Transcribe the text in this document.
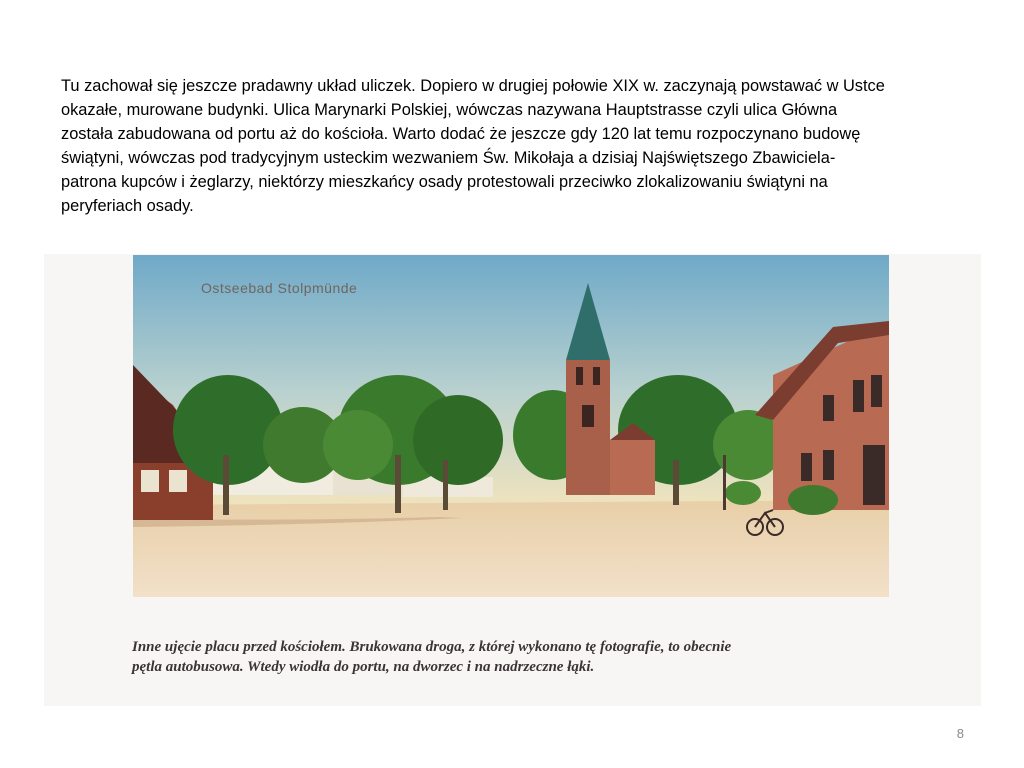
Tu zachował się jeszcze pradawny układ uliczek. Dopiero w drugiej połowie XIX w. zaczynają powstawać w Ustce
okazałe, murowane budynki. Ulica Marynarki Polskiej, wówczas nazywana Hauptstrasse czyli ulica Główna
została zabudowana od portu aż do kościoła. Warto dodać że jeszcze gdy 120 lat temu rozpoczynano budowę
świątyni, wówczas pod tradycyjnym usteckim wezwaniem Św. Mikołaja a dzisiaj Najświętszego Zbawiciela-
patrona kupców i żeglarzy, niektórzy mieszkańcy osady protestowali przeciwko zlokalizowaniu świątyni na
peryferiach osady.
Ostseebad Stolpmünde
Inne ujęcie placu przed kościołem. Brukowana droga, z której wykonano tę fotografie, to obecnie
pętla autobusowa. Wtedy wiodła do portu, na dworzec i na nadrzeczne łąki.
8
